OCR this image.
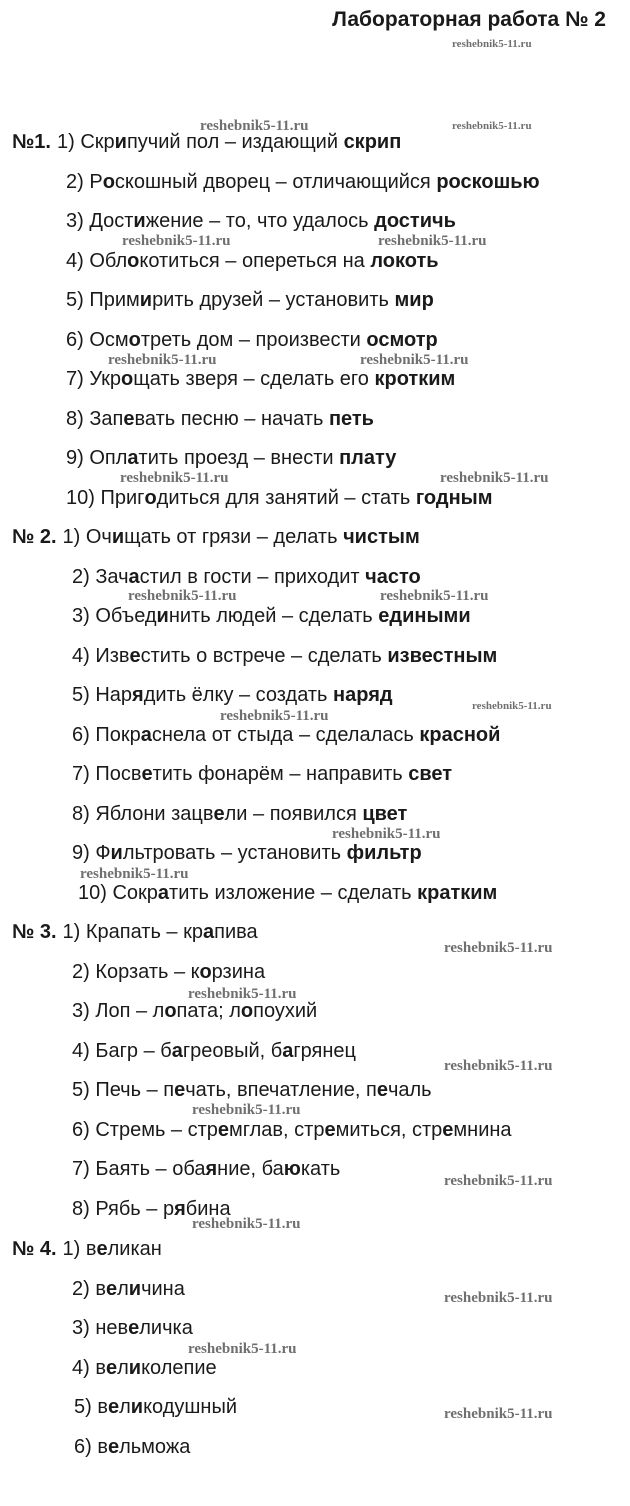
Лабораторная работа № 2
№1. 1) Скрипучий пол – издающий скрип
2) Роскошный дворец – отличающийся роскошью
3) Достижение – то, что удалось достичь
4) Облокотиться – опереться на локоть
5) Примирить друзей – установить мир
6) Осмотреть дом – произвести осмотр
7) Укрощать зверя – сделать его кротким
8) Запевать песню – начать петь
9) Оплатить проезд – внести плату
10) Пригодиться для занятий – стать годным
№ 2. 1) Очищать от грязи – делать чистым
2) Зачастил в гости – приходит часто
3) Объединить людей – сделать едиными
4) Известить о встрече – сделать известным
5) Нарядить ёлку – создать наряд
6) Покраснела от стыда – сделалась красной
7) Посветить фонарём – направить свет
8) Яблони зацвели – появился цвет
9) Фильтровать – установить фильтр
10) Сократить изложение – сделать кратким
№ 3. 1) Крапать – крапива
2) Корзать – корзина
3) Лоп – лопата; лопоухий
4) Багр – багреовый, багрянец
5) Печь – печать, впечатление, печаль
6) Стремь – стремглав, стремиться, стремнина
7) Баять – обаяние, баюкать
8) Рябь – рябина
№ 4. 1) великан
2) величина
3) невеличка
4) великолепие
5) великодушный
6) вельможа
reshebnik5-11.ru
reshebnik5-11.ru	reshebnik5-11.ru
reshebnik5-11.ru	reshebnik5-11.ru
reshebnik5-11.ru	reshebnik5-11.ru
reshebnik5-11.ru	reshebnik5-11.ru
reshebnik5-11.ru	reshebnik5-11.ru
reshebnik5-11.ru
reshebnik5-11.ru
reshebnik5-11.ru
reshebnik5-11.ru
reshebnik5-11.ru
reshebnik5-11.ru
reshebnik5-11.ru
reshebnik5-11.ru
reshebnik5-11.ru
reshebnik5-11.ru
reshebnik5-11.ru
reshebnik5-11.ru
reshebnik5-11.ru
